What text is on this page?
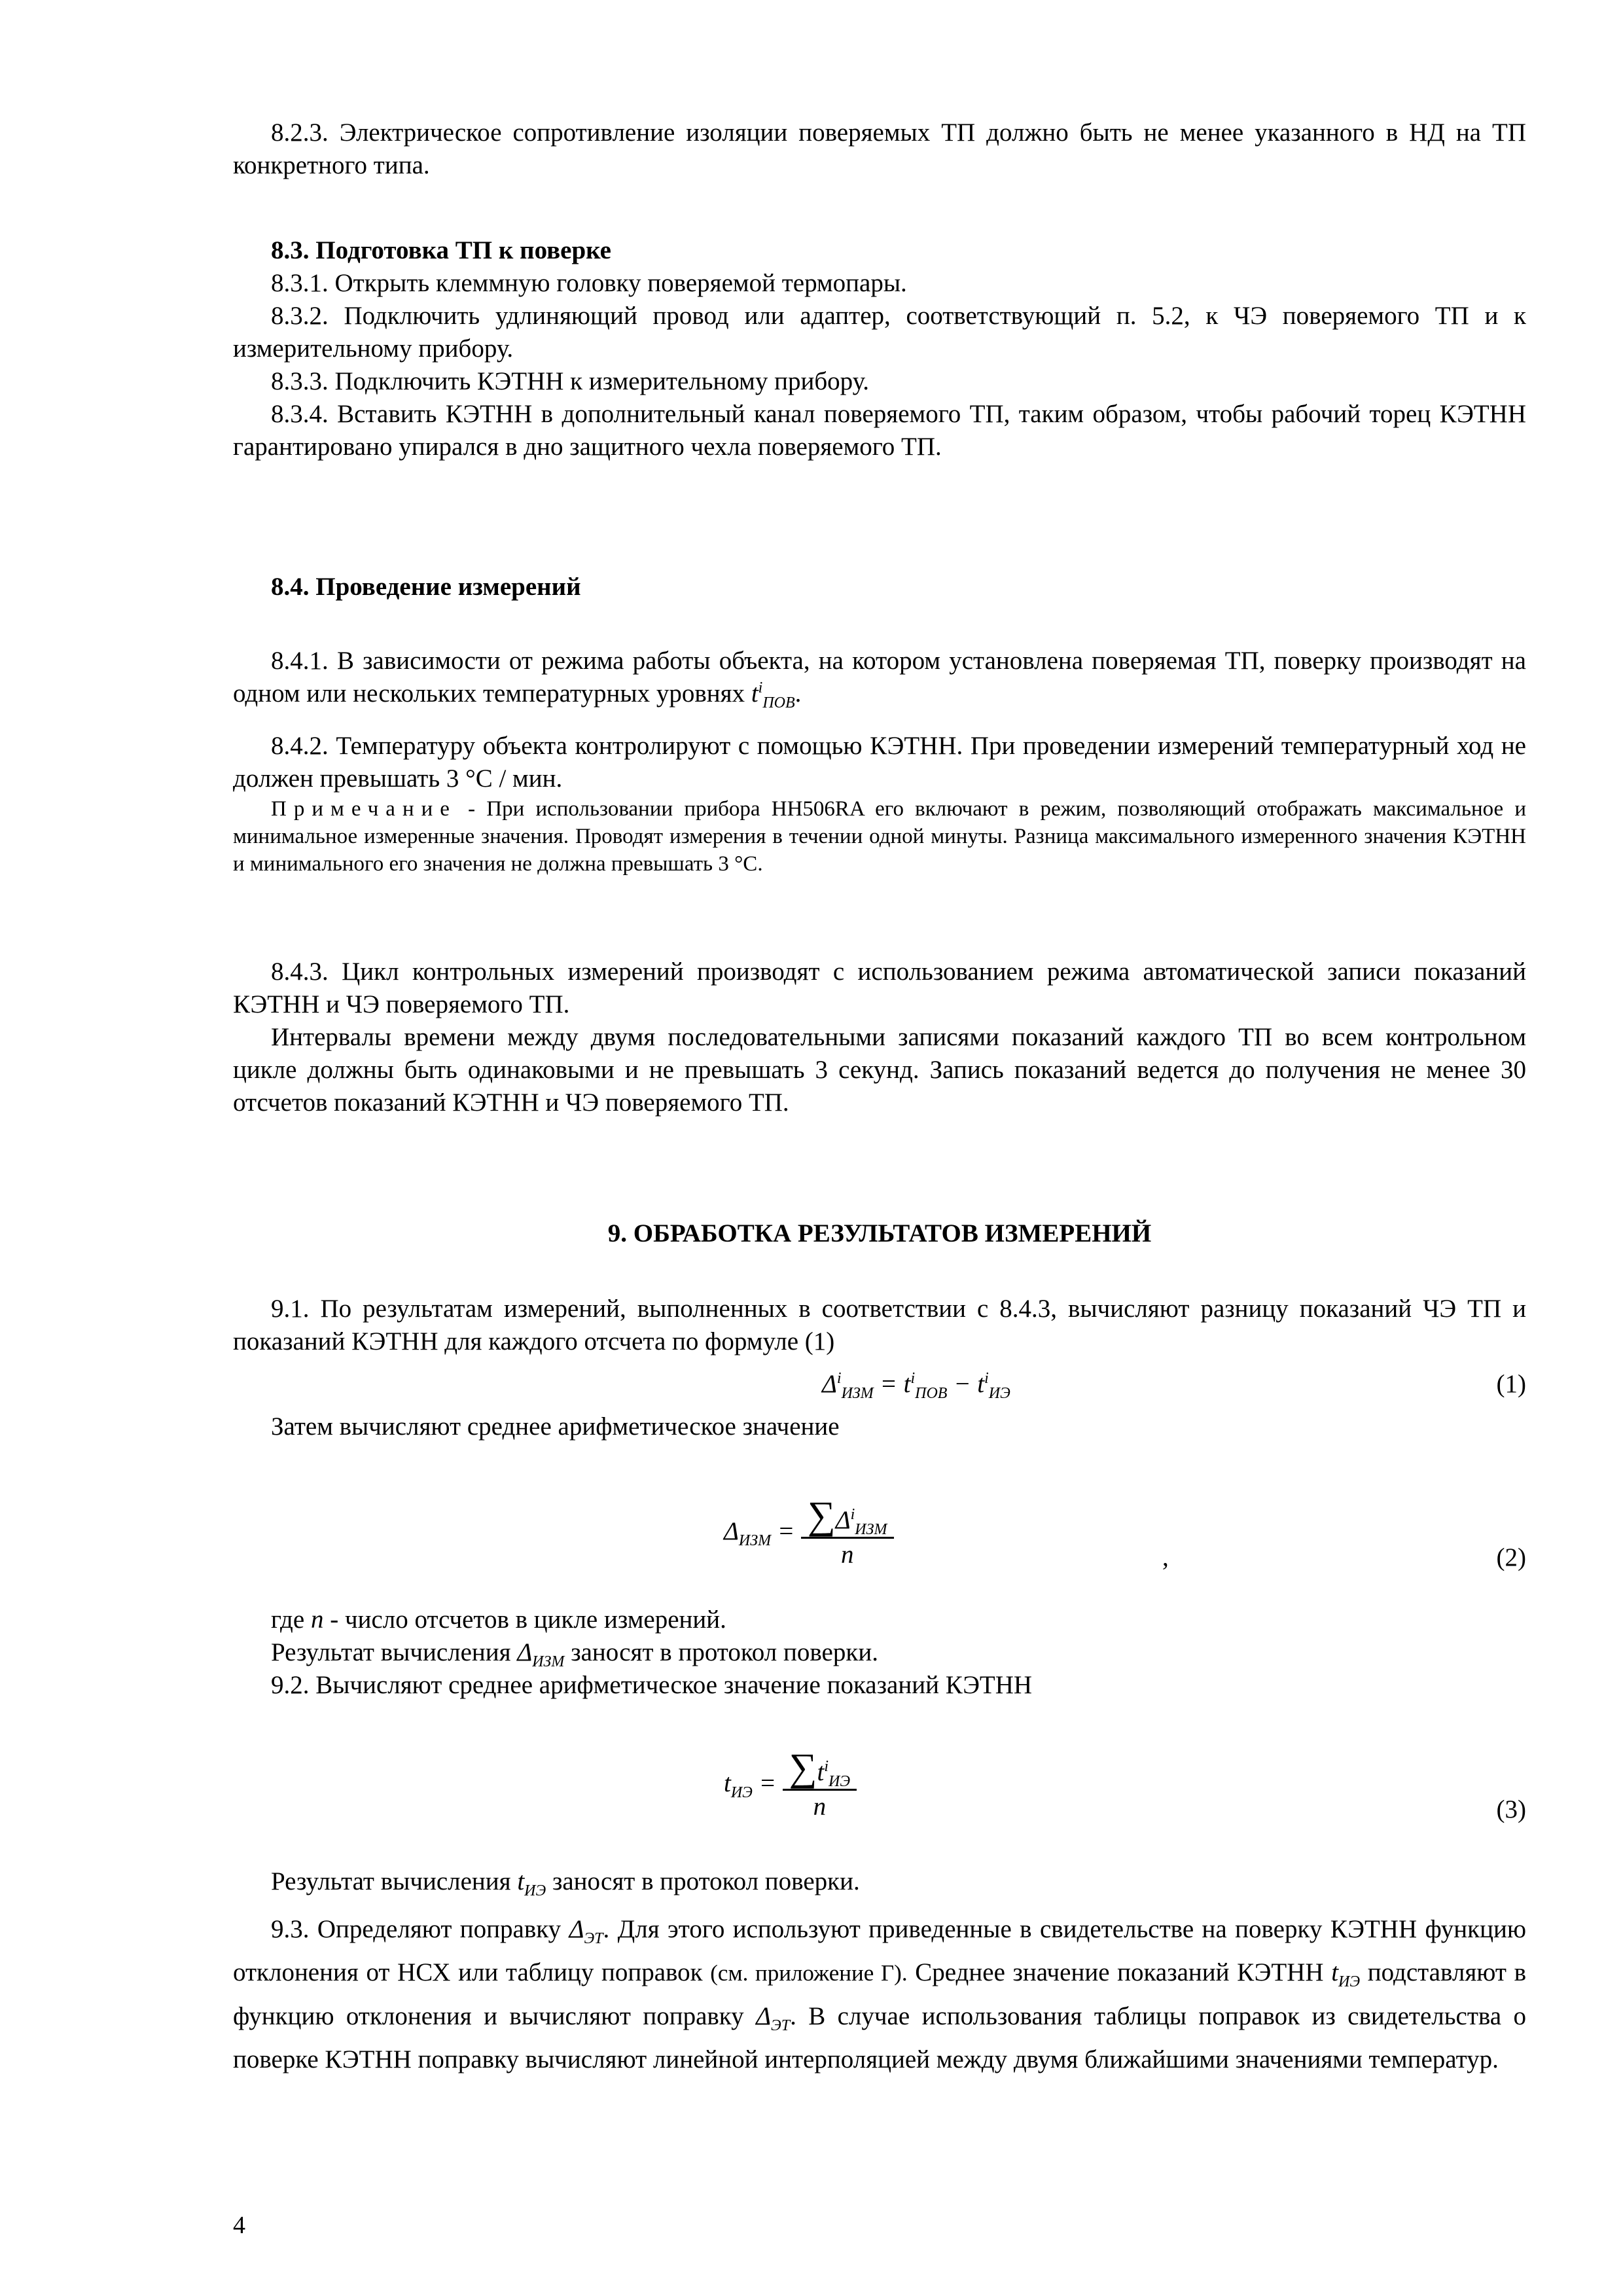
8.2.3. Электрическое сопротивление изоляции поверяемых ТП должно быть не менее указанного в НД на ТП конкретного типа.

8.3. Подготовка ТП к поверке

8.3.1. Открыть клеммную головку поверяемой термопары.

8.3.2. Подключить удлиняющий провод или адаптер, соответствующий п. 5.2, к ЧЭ поверяемого ТП и к измерительному прибору.

8.3.3. Подключить КЭТНН к измерительному прибору.

8.3.4. Вставить КЭТНН в дополнительный канал поверяемого ТП, таким образом, чтобы рабочий торец КЭТНН гарантировано упирался в дно защитного чехла поверяемого ТП.

8.4. Проведение измерений

8.4.1. В зависимости от режима работы объекта, на котором установлена поверяемая ТП, поверку производят на одном или нескольких температурных уровнях $t^i_{ПОВ}$.

8.4.2. Температуру объекта контролируют с помощью КЭТНН. При проведении измерений температурный ход не должен превышать 3 °С / мин.

Примечание - При использовании прибора HH506RA его включают в режим, позволяющий отображать максимальное и минимальное измеренные значения. Проводят измерения в течении одной минуты. Разница максимального измеренного значения КЭТНН и минимального его значения не должна превышать 3 °С.

8.4.3. Цикл контрольных измерений производят с использованием режима автоматической записи показаний КЭТНН и ЧЭ поверяемого ТП.

Интервалы времени между двумя последовательными записями показаний каждого ТП во всем контрольном цикле должны быть одинаковыми и не превышать 3 секунд. Запись показаний ведется до получения не менее 30 отсчетов показаний КЭТНН и ЧЭ поверяемого ТП.

9. ОБРАБОТКА РЕЗУЛЬТАТОВ ИЗМЕРЕНИЙ

9.1. По результатам измерений, выполненных в соответствии с 8.4.3, вычисляют разницу показаний ЧЭ ТП и показаний КЭТНН для каждого отсчета по формуле (1)

$\Delta^i_{ИЗМ} = t^i_{ПОВ} - t^i_{ИЭ}$	(1)

Затем вычисляют среднее арифметическое значение

$\Delta_{ИЗМ} = \frac{\sum\Delta^i_{ИЗМ}}{n}$	,	(2)

где n - число отсчетов в цикле измерений.

Результат вычисления $\Delta_{ИЗМ}$ заносят в протокол поверки.

9.2. Вычисляют среднее арифметическое значение показаний КЭТНН

$t_{ИЭ} = \frac{\sum t^i_{ИЭ}}{n}$	(3)

Результат вычисления $t_{ИЭ}$ заносят в протокол поверки.

9.3. Определяют поправку $\Delta_{ЭТ}$. Для этого используют приведенные в свидетельстве на поверку КЭТНН функцию отклонения от НСХ или таблицу поправок (см. приложение Г). Среднее значение показаний КЭТНН $t_{ИЭ}$ подставляют в функцию отклонения и вычисляют поправку $\Delta_{ЭТ}$. В случае использования таблицы поправок из свидетельства о поверке КЭТНН поправку вычисляют линейной интерполяцией между двумя ближайшими значениями температур.

4
